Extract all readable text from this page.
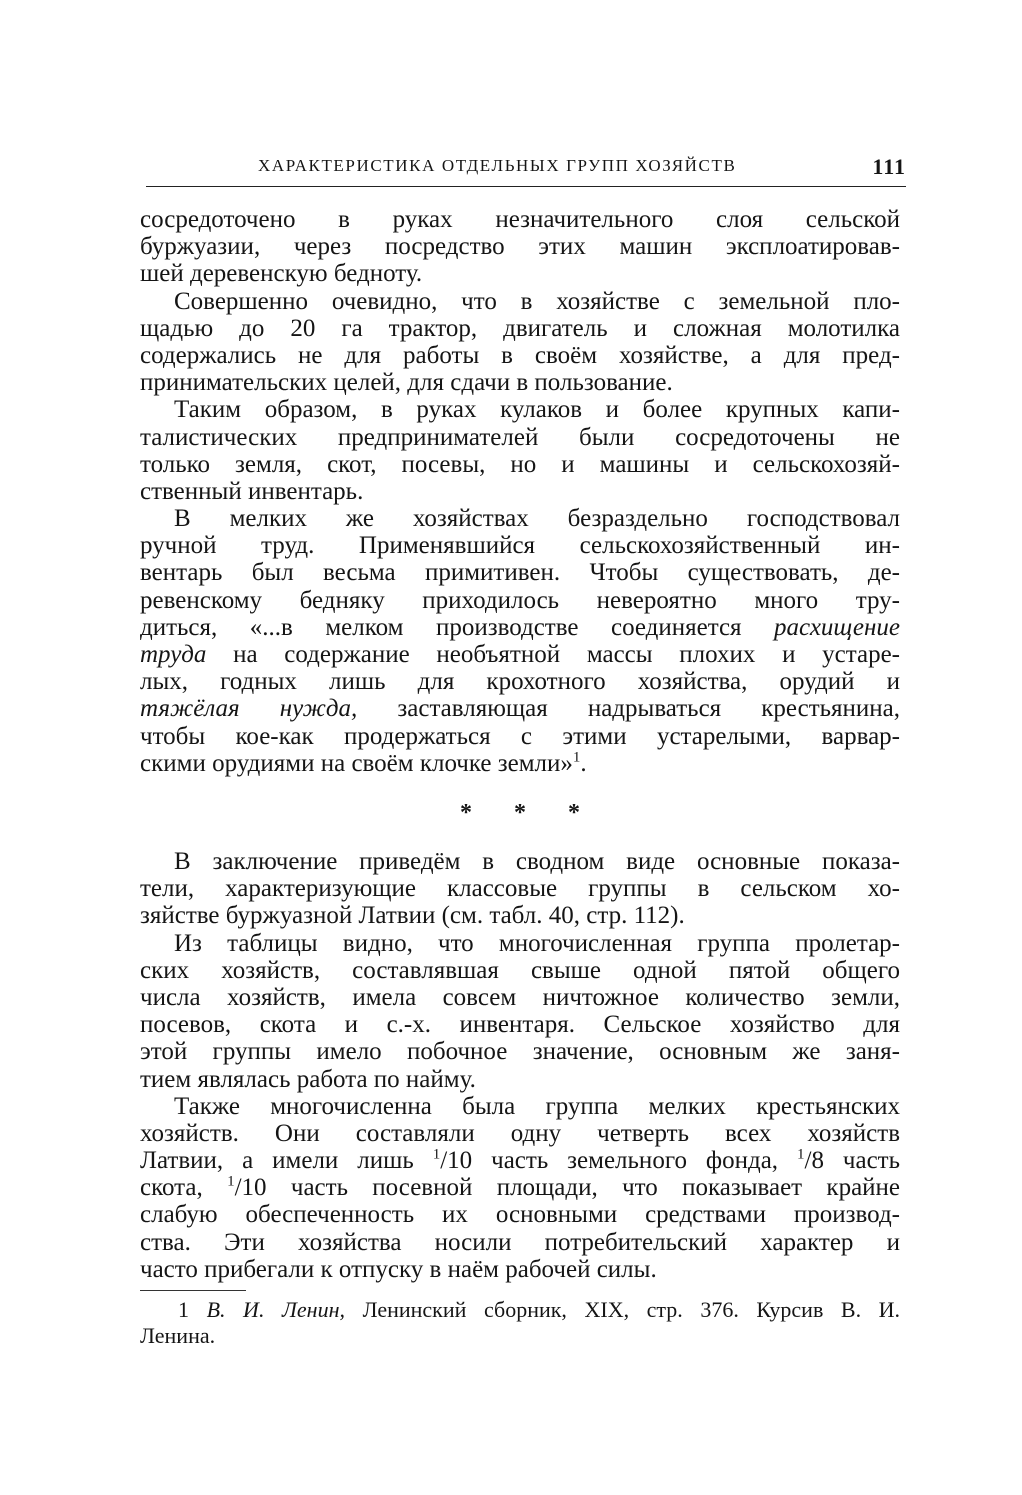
ХАРАКТЕРИСТИКА ОТДЕЛЬНЫХ ГРУПП ХОЗЯЙСТВ	111
сосредоточено в руках незначительного слоя сельской
буржуазии, через посредство этих машин эксплоатировав-
шей деревенскую бедноту.
Совершенно очевидно, что в хозяйстве с земельной пло-
щадью до 20 га трактор, двигатель и сложная молотилка
содержались не для работы в своём хозяйстве, а для пред-
принимательских целей, для сдачи в пользование.
Таким образом, в руках кулаков и более крупных капи-
талистических предпринимателей были сосредоточены не
только земля, скот, посевы, но и машины и сельскохозяй-
ственный инвентарь.
В мелких же хозяйствах безраздельно господствовал
ручной труд. Применявшийся сельскохозяйственный ин-
вентарь был весьма примитивен. Чтобы существовать, де-
ревенскому бедняку приходилось невероятно много тру-
диться, «...в мелком производстве соединяется расхищение
труда на содержание необъятной массы плохих и устаре-
лых, годных лишь для крохотного хозяйства, орудий и
тяжёлая нужда, заставляющая надрываться крестьянина,
чтобы кое-как продержаться с этими устарелыми, варвар-
скими орудиями на своём клочке земли»$^1$.
* * *
В заключение приведём в сводном виде основные показа-
тели, характеризующие классовые группы в сельском хо-
зяйстве буржуазной Латвии (см. табл. 40, стр. 112).
Из таблицы видно, что многочисленная группа пролетар-
ских хозяйств, составлявшая свыше одной пятой общего
числа хозяйств, имела совсем ничтожное количество земли,
посевов, скота и с.-х. инвентаря. Сельское хозяйство для
этой группы имело побочное значение, основным же заня-
тием являлась работа по найму.
Также многочисленна была группа мелких крестьянских
хозяйств. Они составляли одну четверть всех хозяйств
Латвии, а имели лишь $^1$/10 часть земельного фонда, $^1$/8 часть
скота, $^1$/10 часть посевной площади, что показывает крайне
слабую обеспеченность их основными средствами производ-
ства. Эти хозяйства носили потребительский характер и
часто прибегали к отпуску в наём рабочей силы.
1 В. И. Ленин, Ленинский сборник, XIX, стр. 376. Курсив В. И.
Ленина.
